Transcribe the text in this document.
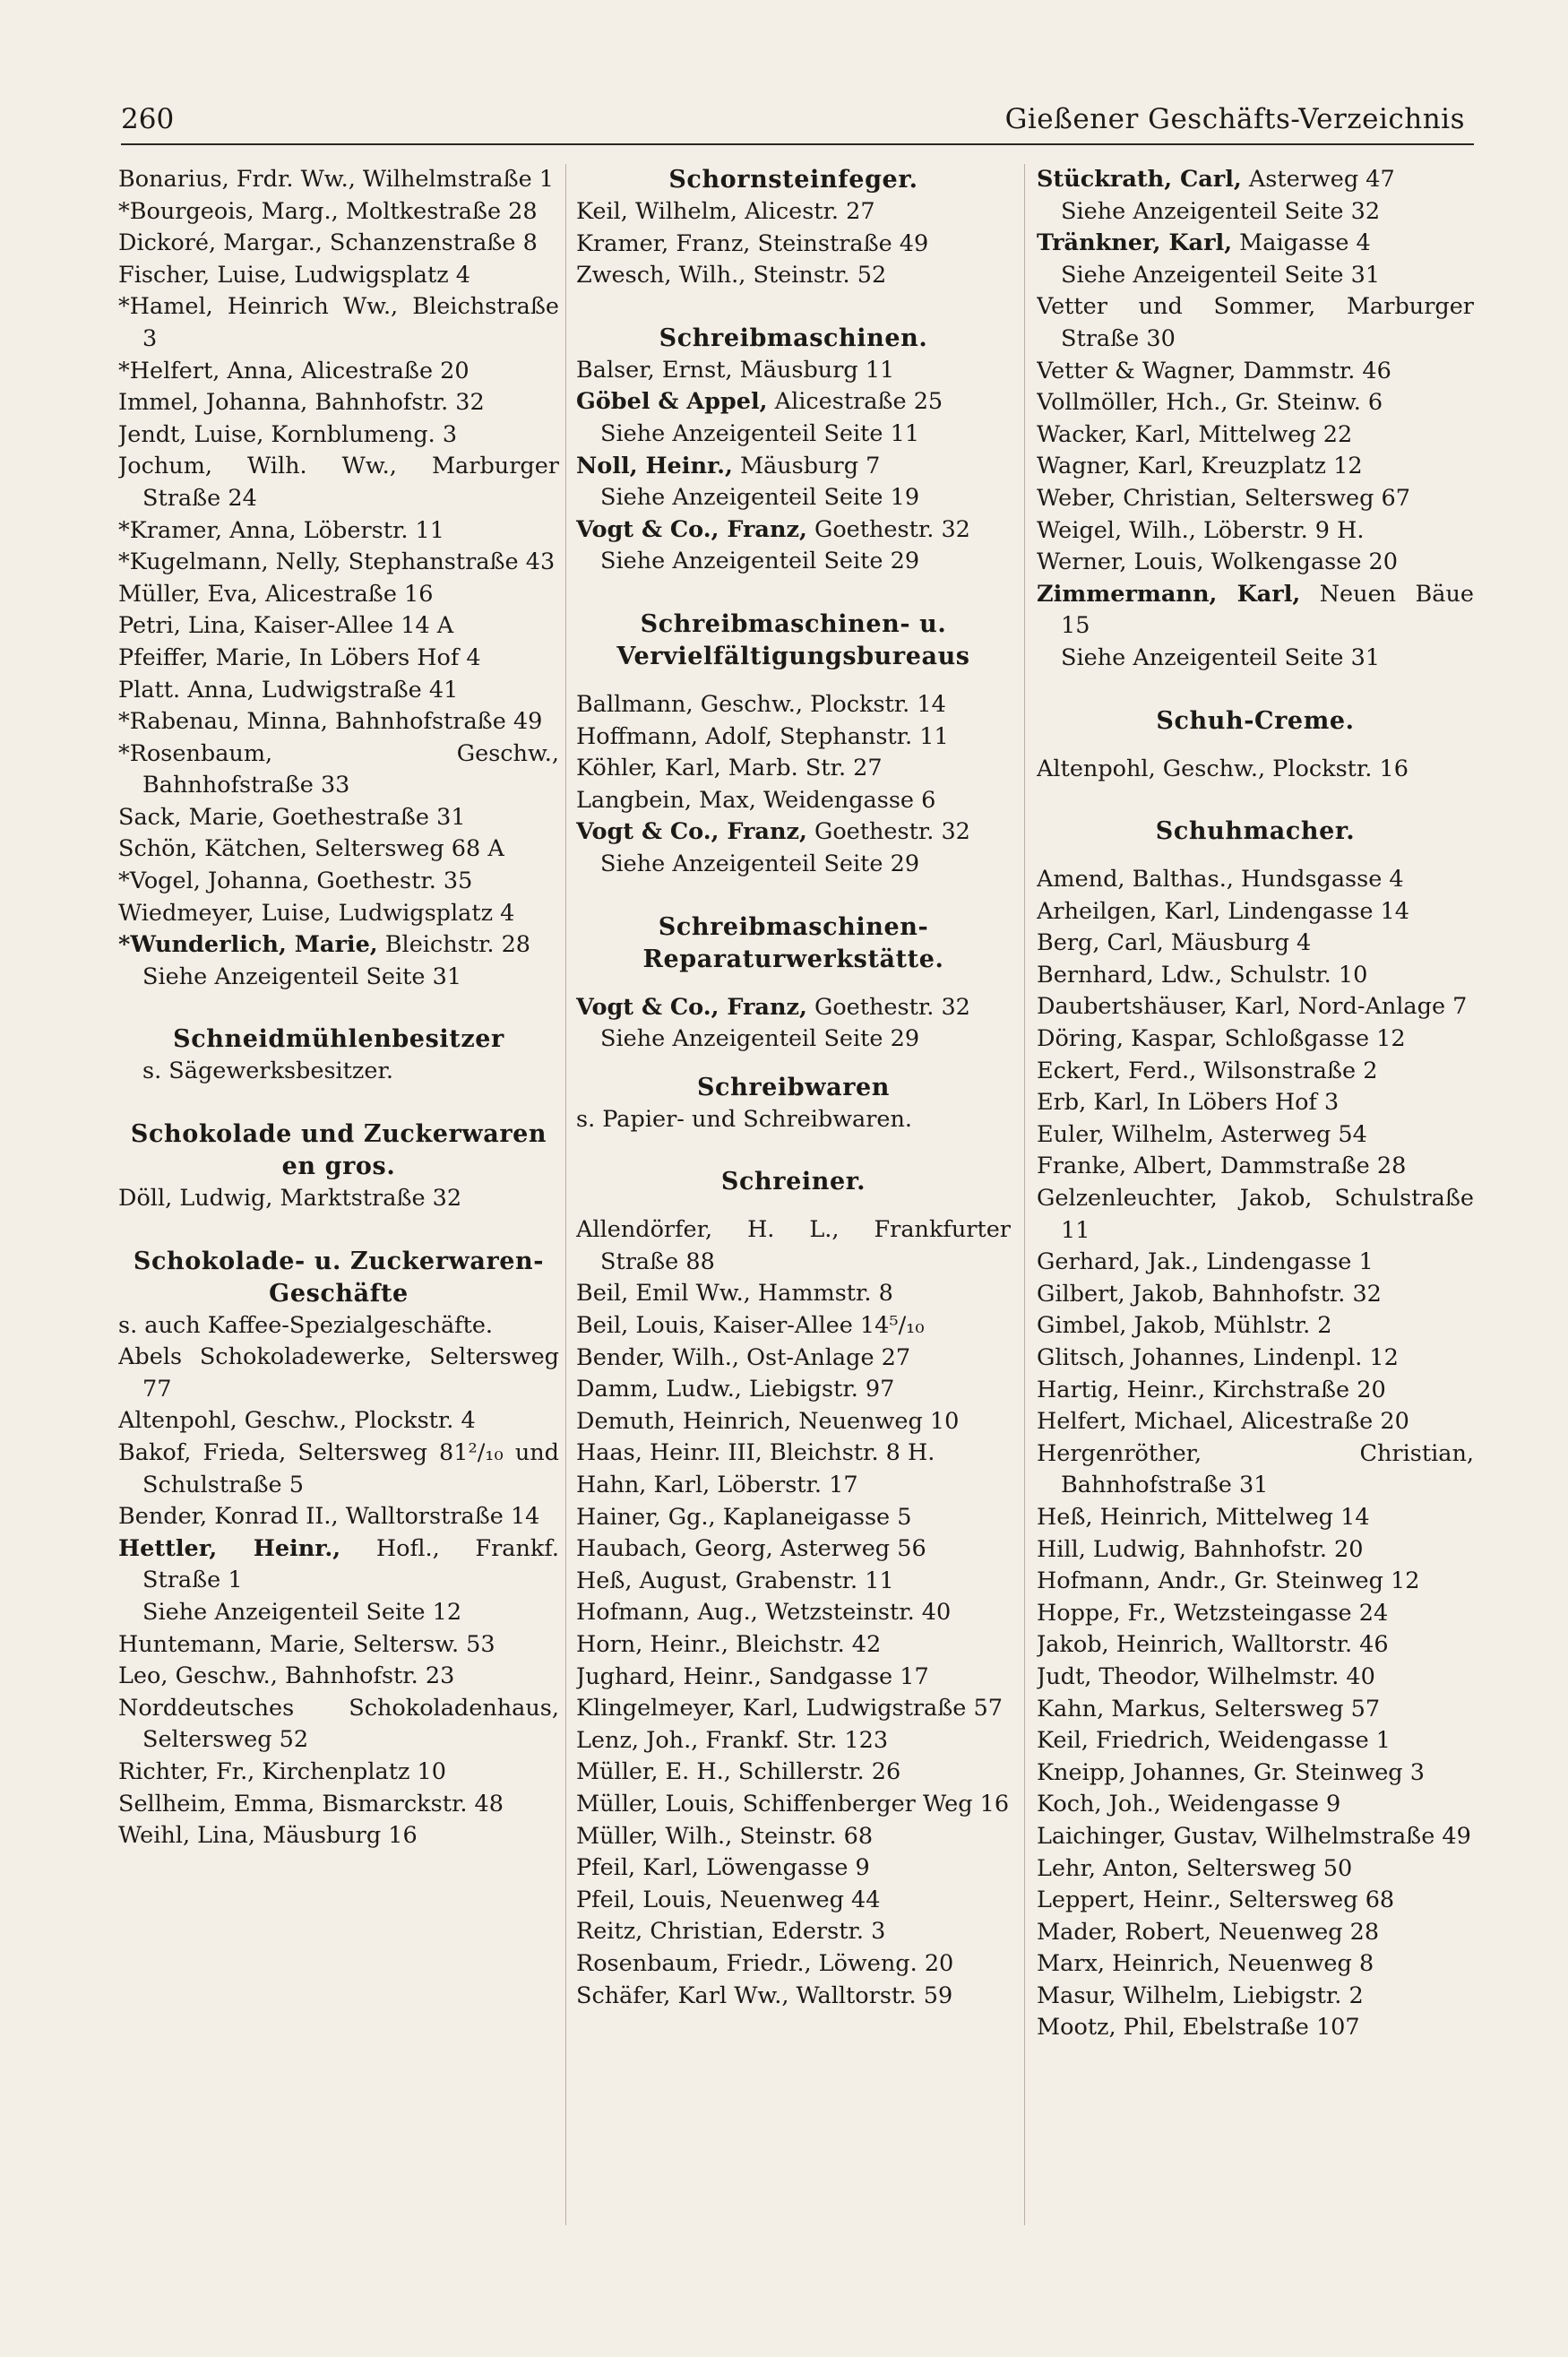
260	Gießener Geschäfts-Verzeichnis
Bonarius, Frdr. Ww., Wilhelmstraße 1
*Bourgeois, Marg., Moltkestraße 28
Dickoré, Margar., Schanzenstraße 8
Fischer, Luise, Ludwigsplatz 4
*Hamel, Heinrich Ww., Bleichstraße 3
*Helfert, Anna, Alicestraße 20
Immel, Johanna, Bahnhofstr. 32
Jendt, Luise, Kornblumeng. 3
Jochum, Wilh. Ww., Marburger Straße 24
*Kramer, Anna, Löberstr. 11
*Kugelmann, Nelly, Stephanstraße 43
Müller, Eva, Alicestraße 16
Petri, Lina, Kaiser-Allee 14 A
Pfeiffer, Marie, In Löbers Hof 4
Platt. Anna, Ludwigstraße 41
*Rabenau, Minna, Bahnhofstraße 49
*Rosenbaum, Geschw., Bahnhofstraße 33
Sack, Marie, Goethestraße 31
Schön, Kätchen, Seltersweg 68 A
*Vogel, Johanna, Goethestr. 35
Wiedmeyer, Luise, Ludwigsplatz 4
*Wunderlich, Marie, Bleichstr. 28
Siehe Anzeigenteil Seite 31
Schneidmühlenbesitzer
s. Sägewerksbesitzer.
Schokolade und Zuckerwaren en gros.
Döll, Ludwig, Marktstraße 32
Schokolade- u. Zuckerwaren-Geschäfte
s. auch Kaffee-Spezialgeschäfte.
Abels Schokoladewerke, Seltersweg 77
Altenpohl, Geschw., Plockstr. 4
Bakof, Frieda, Seltersweg 81²/₁₀ und Schulstraße 5
Bender, Konrad II., Walltorstraße 14
Hettler, Heinr., Hofl., Frankf. Straße 1
Siehe Anzeigenteil Seite 12
Huntemann, Marie, Seltersw. 53
Leo, Geschw., Bahnhofstr. 23
Norddeutsches Schokoladenhaus, Seltersweg 52
Richter, Fr., Kirchenplatz 10
Sellheim, Emma, Bismarckstr. 48
Weihl, Lina, Mäusburg 16
Schornsteinfeger.
Keil, Wilhelm, Alicestr. 27
Kramer, Franz, Steinstraße 49
Zwesch, Wilh., Steinstr. 52
Schreibmaschinen.
Balser, Ernst, Mäusburg 11
Göbel & Appel, Alicestraße 25
Siehe Anzeigenteil Seite 11
Noll, Heinr., Mäusburg 7
Siehe Anzeigenteil Seite 19
Vogt & Co., Franz, Goethestr. 32
Siehe Anzeigenteil Seite 29
Schreibmaschinen- u. Vervielfältigungsbureaus
Ballmann, Geschw., Plockstr. 14
Hoffmann, Adolf, Stephanstr. 11
Köhler, Karl, Marb. Str. 27
Langbein, Max, Weidengasse 6
Vogt & Co., Franz, Goethestr. 32
Siehe Anzeigenteil Seite 29
Schreibmaschinen-Reparaturwerkstätte.
Vogt & Co., Franz, Goethestr. 32
Siehe Anzeigenteil Seite 29
Schreibwaren
s. Papier- und Schreibwaren.
Schreiner.
Allendörfer, H. L., Frankfurter Straße 88
Beil, Emil Ww., Hammstr. 8
Beil, Louis, Kaiser-Allee 14⁵/₁₀
Bender, Wilh., Ost-Anlage 27
Damm, Ludw., Liebigstr. 97
Demuth, Heinrich, Neuenweg 10
Haas, Heinr. III, Bleichstr. 8 H.
Hahn, Karl, Löberstr. 17
Hainer, Gg., Kaplaneigasse 5
Haubach, Georg, Asterweg 56
Heß, August, Grabenstr. 11
Hofmann, Aug., Wetzsteinstr. 40
Horn, Heinr., Bleichstr. 42
Jughard, Heinr., Sandgasse 17
Klingelmeyer, Karl, Ludwigstraße 57
Lenz, Joh., Frankf. Str. 123
Müller, E. H., Schillerstr. 26
Müller, Louis, Schiffenberger Weg 16
Müller, Wilh., Steinstr. 68
Pfeil, Karl, Löwengasse 9
Pfeil, Louis, Neuenweg 44
Reitz, Christian, Ederstr. 3
Rosenbaum, Friedr., Löweng. 20
Schäfer, Karl Ww., Walltorstr. 59
Stückrath, Carl, Asterweg 47
Siehe Anzeigenteil Seite 32
Tränkner, Karl, Maigasse 4
Siehe Anzeigenteil Seite 31
Vetter und Sommer, Marburger Straße 30
Vetter & Wagner, Dammstr. 46
Vollmöller, Hch., Gr. Steinw. 6
Wacker, Karl, Mittelweg 22
Wagner, Karl, Kreuzplatz 12
Weber, Christian, Seltersweg 67
Weigel, Wilh., Löberstr. 9 H.
Werner, Louis, Wolkengasse 20
Zimmermann, Karl, Neuen Bäue 15
Siehe Anzeigenteil Seite 31
Schuh-Creme.
Altenpohl, Geschw., Plockstr. 16
Schuhmacher.
Amend, Balthas., Hundsgasse 4
Arheilgen, Karl, Lindengasse 14
Berg, Carl, Mäusburg 4
Bernhard, Ldw., Schulstr. 10
Daubertshäuser, Karl, Nord-Anlage 7
Döring, Kaspar, Schloßgasse 12
Eckert, Ferd., Wilsonstraße 2
Erb, Karl, In Löbers Hof 3
Euler, Wilhelm, Asterweg 54
Franke, Albert, Dammstraße 28
Gelzenleuchter, Jakob, Schulstraße 11
Gerhard, Jak., Lindengasse 1
Gilbert, Jakob, Bahnhofstr. 32
Gimbel, Jakob, Mühlstr. 2
Glitsch, Johannes, Lindenpl. 12
Hartig, Heinr., Kirchstraße 20
Helfert, Michael, Alicestraße 20
Hergenröther, Christian, Bahnhofstraße 31
Heß, Heinrich, Mittelweg 14
Hill, Ludwig, Bahnhofstr. 20
Hofmann, Andr., Gr. Steinweg 12
Hoppe, Fr., Wetzsteingasse 24
Jakob, Heinrich, Walltorstr. 46
Judt, Theodor, Wilhelmstr. 40
Kahn, Markus, Seltersweg 57
Keil, Friedrich, Weidengasse 1
Kneipp, Johannes, Gr. Steinweg 3
Koch, Joh., Weidengasse 9
Laichinger, Gustav, Wilhelmstraße 49
Lehr, Anton, Seltersweg 50
Leppert, Heinr., Seltersweg 68
Mader, Robert, Neuenweg 28
Marx, Heinrich, Neuenweg 8
Masur, Wilhelm, Liebigstr. 2
Mootz, Phil, Ebelstraße 107
